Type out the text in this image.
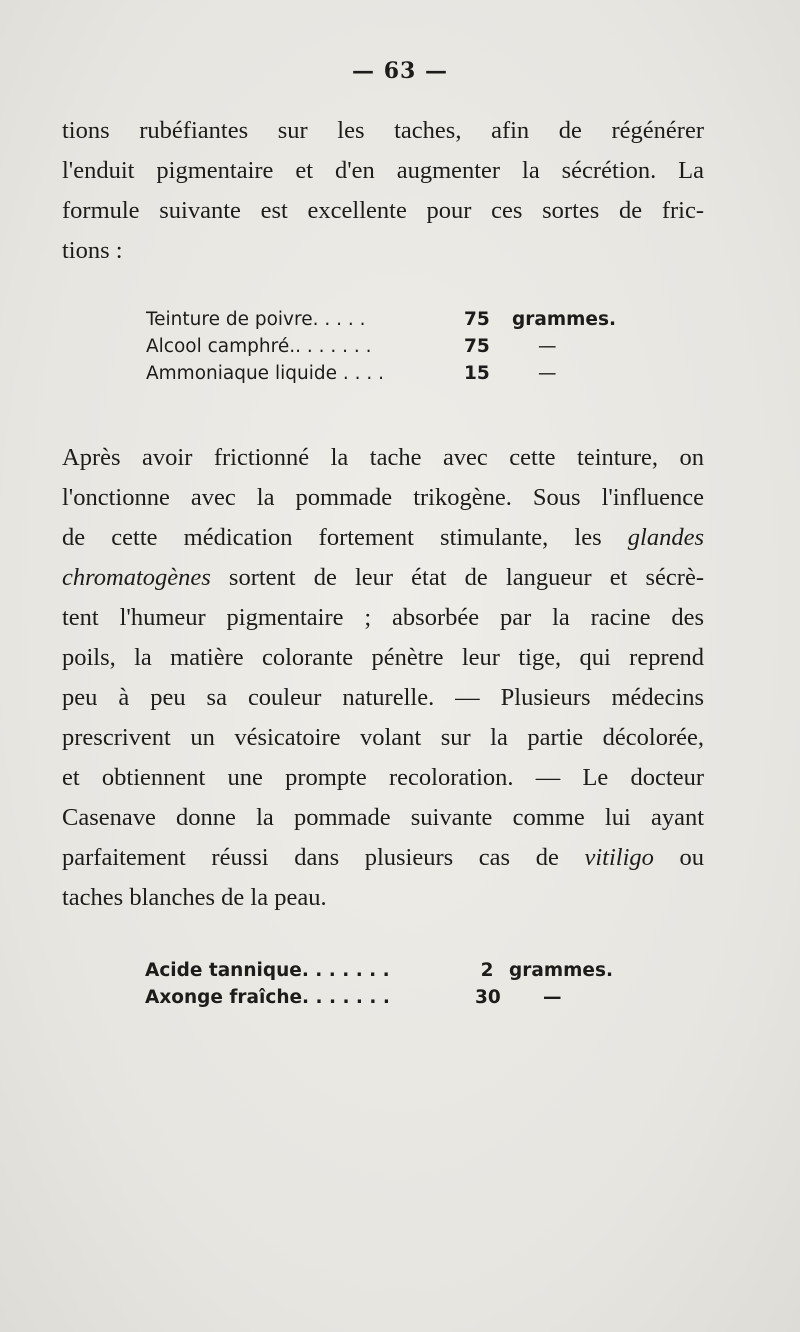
— 63 —
tions rubéfiantes sur les taches, afin de régénérer
l'enduit pigmentaire et d'en augmenter la sécrétion. La
formule suivante est excellente pour ces sortes de fric-
tions :
Teinture de poivre. . . . .	75 grammes.
Alcool camphré.. . . . . . .	75	—
Ammoniaque liquide . . . .	15	—
Après avoir frictionné la tache avec cette teinture, on
l'onctionne avec la pommade trikogène. Sous l'influence
de cette médication fortement stimulante, les glandes
chromatogènes sortent de leur état de langueur et sécrè-
tent l'humeur pigmentaire ; absorbée par la racine des
poils, la matière colorante pénètre leur tige, qui reprend
peu à peu sa couleur naturelle. — Plusieurs médecins
prescrivent un vésicatoire volant sur la partie décolorée,
et obtiennent une prompte recoloration. — Le docteur
Casenave donne la pommade suivante comme lui ayant
parfaitement réussi dans plusieurs cas de vitiligo ou
taches blanches de la peau.
Acide tannique. . . . . . .	2 grammes.
Axonge fraîche. . . . . . .	30 —
